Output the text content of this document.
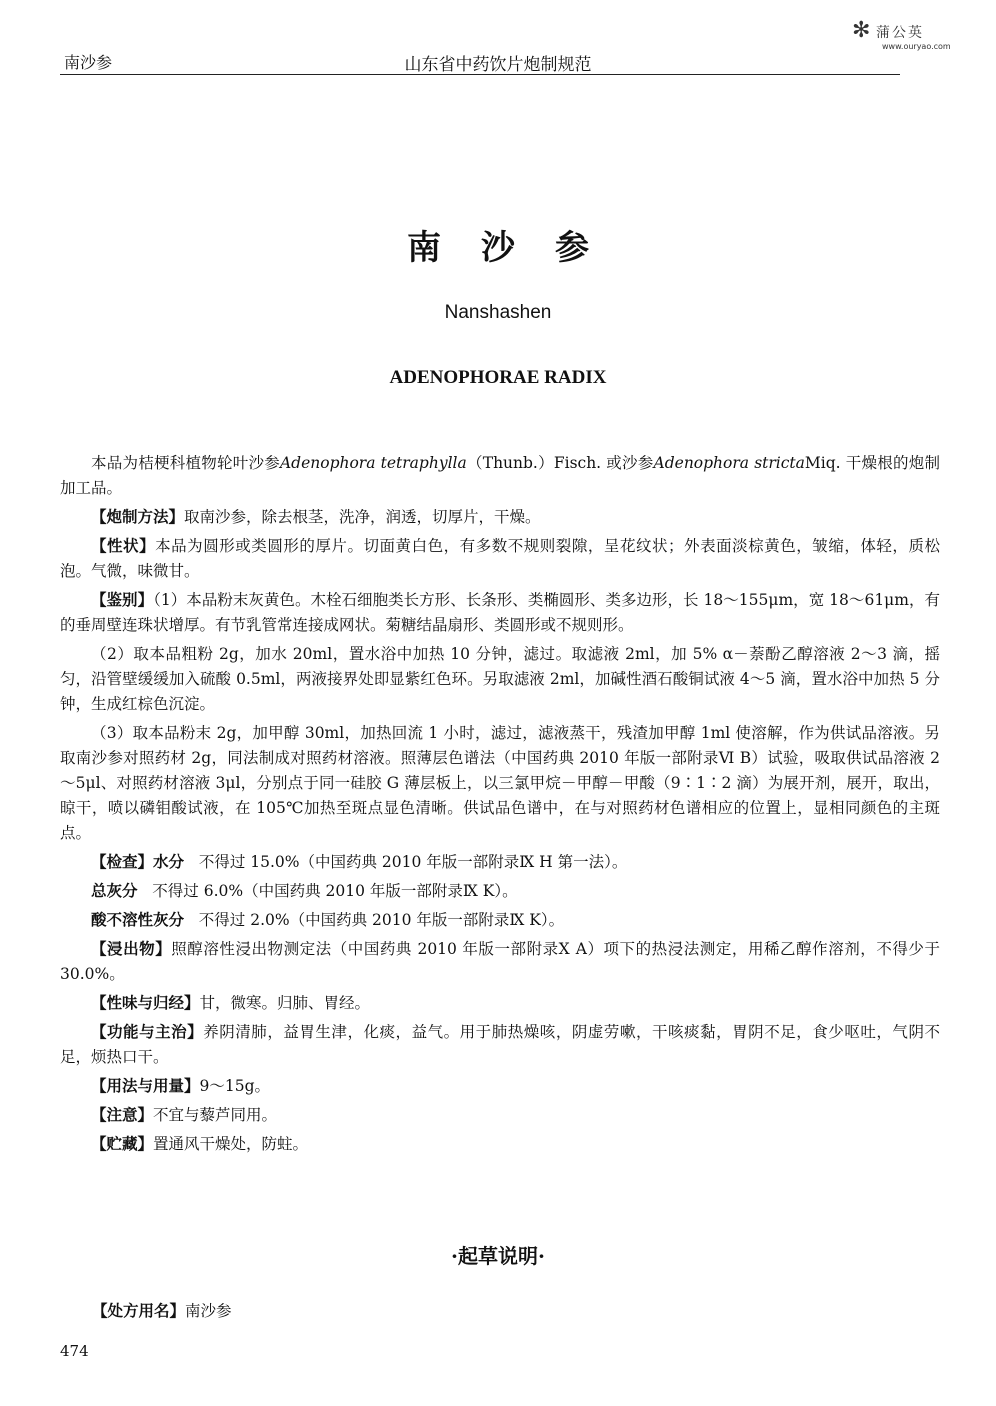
南沙参	山东省中药饮片炮制规范
✻ 蒲公英
www.ouryao.com
南沙参
Nanshashen
ADENOPHORAE RADIX

本品为桔梗科植物轮叶沙参Adenophora tetraphylla（Thunb.）Fisch. 或沙参Adenophora strictaMiq. 干燥根的炮制加工品。

【炮制方法】取南沙参，除去根茎，洗净，润透，切厚片，干燥。

【性状】本品为圆形或类圆形的厚片。切面黄白色，有多数不规则裂隙，呈花纹状；外表面淡棕黄色，皱缩，体轻，质松泡。气微，味微甘。

【鉴别】（1）本品粉末灰黄色。木栓石细胞类长方形、长条形、类椭圆形、类多边形，长 18～155μm，宽 18～61μm，有的垂周壁连珠状增厚。有节乳管常连接成网状。菊糖结晶扇形、类圆形或不规则形。

（2）取本品粗粉 2g，加水 20ml，置水浴中加热 10 分钟，滤过。取滤液 2ml，加 5% α－萘酚乙醇溶液 2～3 滴，摇匀，沿管壁缓缓加入硫酸 0.5ml，两液接界处即显紫红色环。另取滤液 2ml，加碱性酒石酸铜试液 4～5 滴，置水浴中加热 5 分钟，生成红棕色沉淀。

（3）取本品粉末 2g，加甲醇 30ml，加热回流 1 小时，滤过，滤液蒸干，残渣加甲醇 1ml 使溶解，作为供试品溶液。另取南沙参对照药材 2g，同法制成对照药材溶液。照薄层色谱法（中国药典 2010 年版一部附录Ⅵ B）试验，吸取供试品溶液 2～5μl、对照药材溶液 3μl，分别点于同一硅胶 G 薄层板上，以三氯甲烷－甲醇－甲酸（9∶1∶2 滴）为展开剂，展开，取出，晾干，喷以磷钼酸试液，在 105℃加热至斑点显色清晰。供试品色谱中，在与对照药材色谱相应的位置上，显相同颜色的主斑点。

【检查】水分 不得过 15.0%（中国药典 2010 年版一部附录Ⅸ H 第一法）。

总灰分 不得过 6.0%（中国药典 2010 年版一部附录Ⅸ K）。

酸不溶性灰分 不得过 2.0%（中国药典 2010 年版一部附录Ⅸ K）。

【浸出物】照醇溶性浸出物测定法（中国药典 2010 年版一部附录Ⅹ A）项下的热浸法测定，用稀乙醇作溶剂，不得少于 30.0%。

【性味与归经】甘，微寒。归肺、胃经。

【功能与主治】养阴清肺，益胃生津，化痰，益气。用于肺热燥咳，阴虚劳嗽，干咳痰黏，胃阴不足，食少呕吐，气阴不足，烦热口干。

【用法与用量】9～15g。

【注意】不宜与藜芦同用。

【贮藏】置通风干燥处，防蛀。

·起草说明·
【处方用名】南沙参
474
